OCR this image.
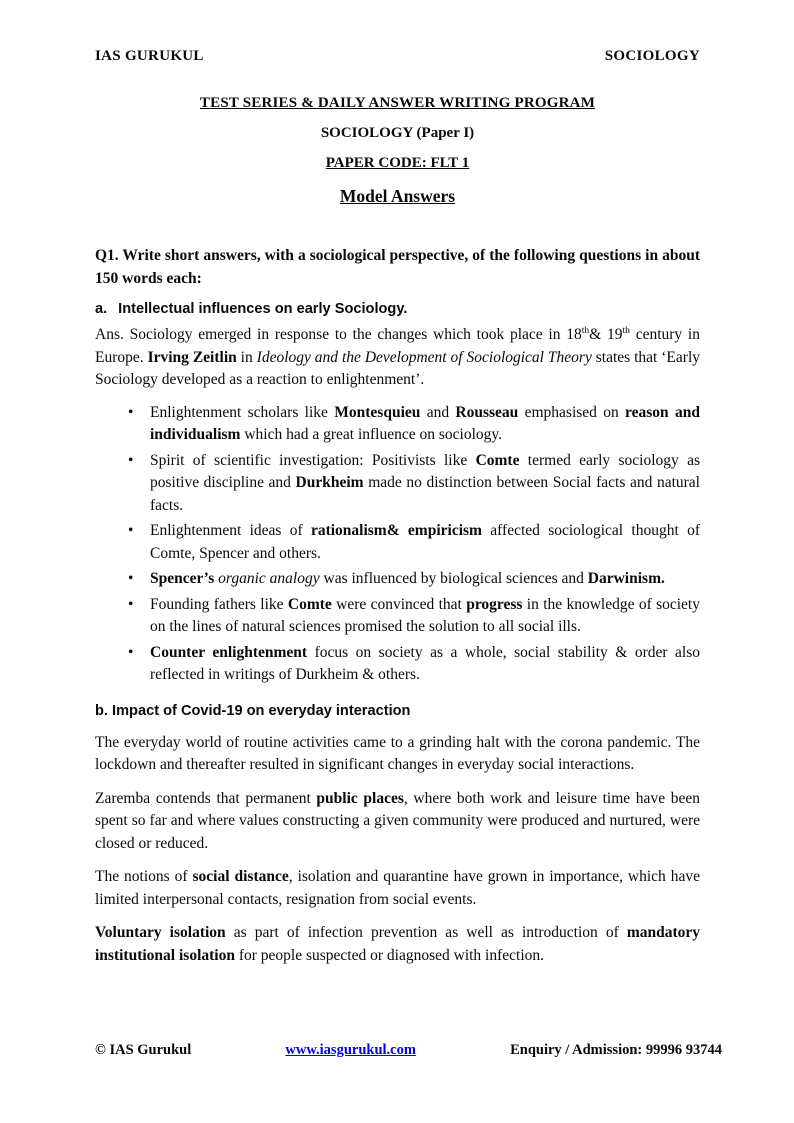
IAS GURUKUL	SOCIOLOGY
TEST SERIES & DAILY ANSWER WRITING PROGRAM
SOCIOLOGY (Paper I)
PAPER CODE: FLT 1
Model Answers

Q1. Write short answers, with a sociological perspective, of the following questions in about 150 words each:

a. Intellectual influences on early Sociology.

Ans. Sociology emerged in response to the changes which took place in 18th& 19th century in Europe. Irving Zeitlin in Ideology and the Development of Sociological Theory states that ‘Early Sociology developed as a reaction to enlightenment’.

• Enlightenment scholars like Montesquieu and Rousseau emphasised on reason and individualism which had a great influence on sociology.
• Spirit of scientific investigation: Positivists like Comte termed early sociology as positive discipline and Durkheim made no distinction between Social facts and natural facts.
• Enlightenment ideas of rationalism& empiricism affected sociological thought of Comte, Spencer and others.
• Spencer’s organic analogy was influenced by biological sciences and Darwinism.
• Founding fathers like Comte were convinced that progress in the knowledge of society on the lines of natural sciences promised the solution to all social ills.
• Counter enlightenment focus on society as a whole, social stability & order also reflected in writings of Durkheim & others.
b. Impact of Covid-19 on everyday interaction

The everyday world of routine activities came to a grinding halt with the corona pandemic. The lockdown and thereafter resulted in significant changes in everyday social interactions.

Zaremba contends that permanent public places, where both work and leisure time have been spent so far and where values constructing a given community were produced and nurtured, were closed or reduced.

The notions of social distance, isolation and quarantine have grown in importance, which have limited interpersonal contacts, resignation from social events.

Voluntary isolation as part of infection prevention as well as introduction of mandatory institutional isolation for people suspected or diagnosed with infection.

© IAS Gurukul	www.iasgurukul.com	Enquiry / Admission: 99996 93744
